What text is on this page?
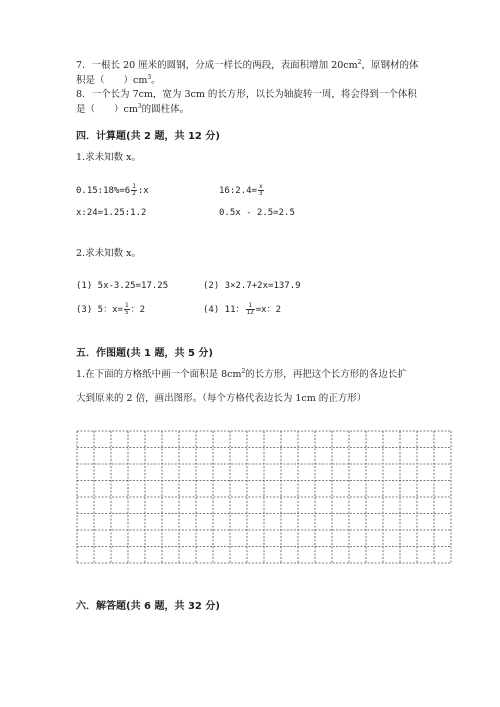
7．一根长 20 厘米的圆钢，分成一样长的两段，表面积增加 $20cm^2$，原钢材的体
积是（　　）$cm^3$。
8．一个长为 7cm，宽为 3cm 的长方形，以长为轴旋转一周，将会得到一个体积
是（　　）$cm^3$的圆柱体。
四．计算题(共 2 题，共 12 分)
1.求未知数 x。
0.15:18%=6 $\frac{1}{2}$ :x	16:2.4= $\frac{x}{3}$
x:24=1.25:1.2	0.5x - 2.5=2.5
2.求未知数 x。
(1) 5x-3.25=17.25	(2) 3×2.7+2x=137.9
(3) 5：$x= \frac{1}{5}$ ：2	(4) 11： $\frac{1}{12} =x$：2
五．作图题(共 1 题，共 5 分)
1.在下面的方格纸中画一个面积是 $8cm^2$的长方形，再把这个长方形的各边长扩
大到原来的 2 倍，画出图形。（每个方格代表边长为 1cm 的正方形）
六．解答题(共 6 题，共 32 分)
